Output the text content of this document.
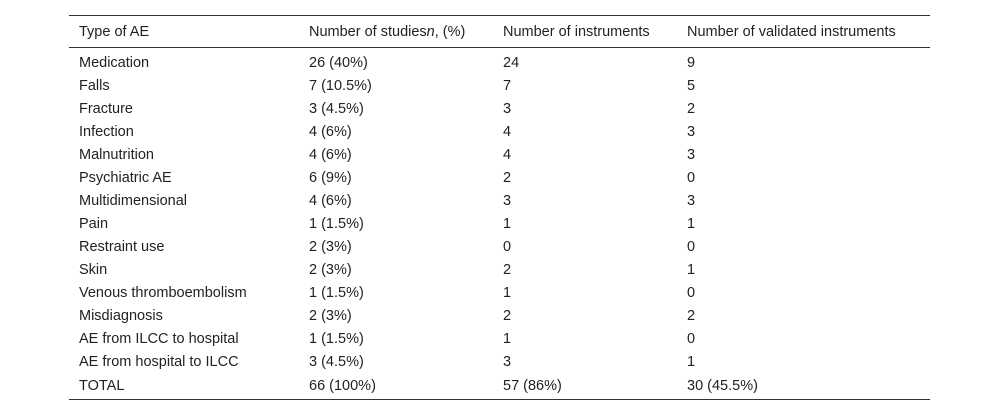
Type of AE	Number of studiesn, (%)	Number of instruments	Number of validated instruments
Medication	26 (40%)	24	9
Falls	7 (10.5%)	7	5
Fracture	3 (4.5%)	3	2
Infection	4 (6%)	4	3
Malnutrition	4 (6%)	4	3
Psychiatric AE	6 (9%)	2	0
Multidimensional	4 (6%)	3	3
Pain	1 (1.5%)	1	1
Restraint use	2 (3%)	0	0
Skin	2 (3%)	2	1
Venous thromboembolism	1 (1.5%)	1	0
Misdiagnosis	2 (3%)	2	2
AE from ILCC to hospital	1 (1.5%)	1	0
AE from hospital to ILCC	3 (4.5%)	3	1
TOTAL	66 (100%)	57 (86%)	30 (45.5%)
